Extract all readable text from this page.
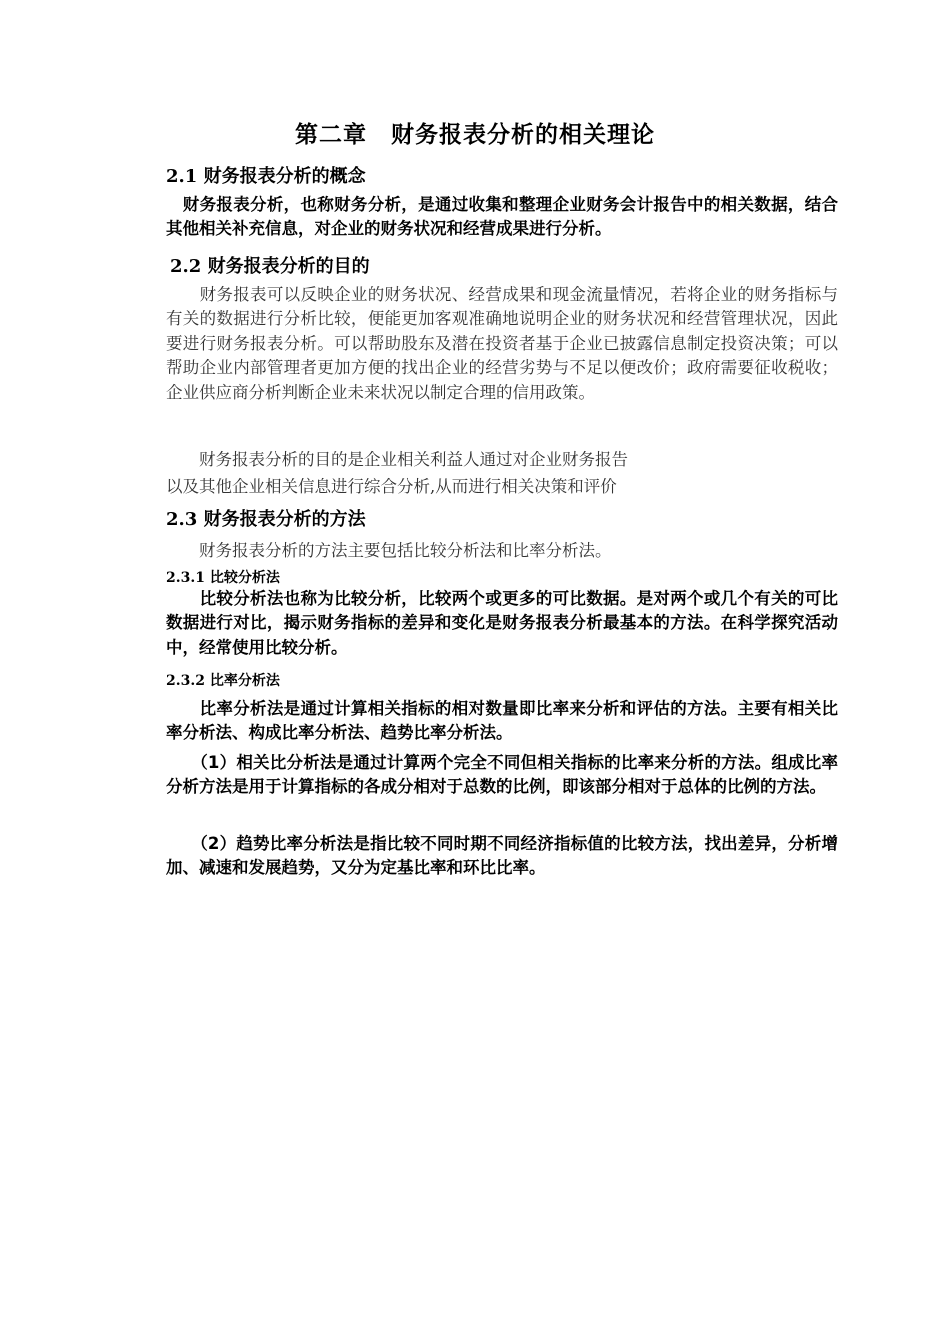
第二章　财务报表分析的相关理论
2.1 财务报表分析的概念

　财务报表分析，也称财务分析，是通过收集和整理企业财务会计报告中的相关数据，结合其他相关补充信息，对企业的财务状况和经营成果进行分析。

2.2 财务报表分析的目的

　　财务报表可以反映企业的财务状况、经营成果和现金流量情况，若将企业的财务指标与有关的数据进行分析比较，便能更加客观准确地说明企业的财务状况和经营管理状况，因此要进行财务报表分析。可以帮助股东及潜在投资者基于企业已披露信息制定投资决策；可以帮助企业内部管理者更加方便的找出企业的经营劣势与不足以便改价；政府需要征收税收；企业供应商分析判断企业未来状况以制定合理的信用政策。

　　财务报表分析的目的是企业相关利益人通过对企业财务报告
以及其他企业相关信息进行综合分析,从而进行相关决策和评价
2.3 财务报表分析的方法
　　财务报表分析的方法主要包括比较分析法和比率分析法。
2.3.1 比较分析法

　　比较分析法也称为比较分析，比较两个或更多的可比数据。是对两个或几个有关的可比数据进行对比，揭示财务指标的差异和变化是财务报表分析最基本的方法。在科学探究活动中，经常使用比较分析。

2.3.2 比率分析法

　　比率分析法是通过计算相关指标的相对数量即比率来分析和评估的方法。主要有相关比率分析法、构成比率分析法、趋势比率分析法。

　　（1）相关比分析法是通过计算两个完全不同但相关指标的比率来分析的方法。组成比率分析方法是用于计算指标的各成分相对于总数的比例，即该部分相对于总体的比例的方法。

　　（2）趋势比率分析法是指比较不同时期不同经济指标值的比较方法，找出差异，分析增加、减速和发展趋势，又分为定基比率和环比比率。
